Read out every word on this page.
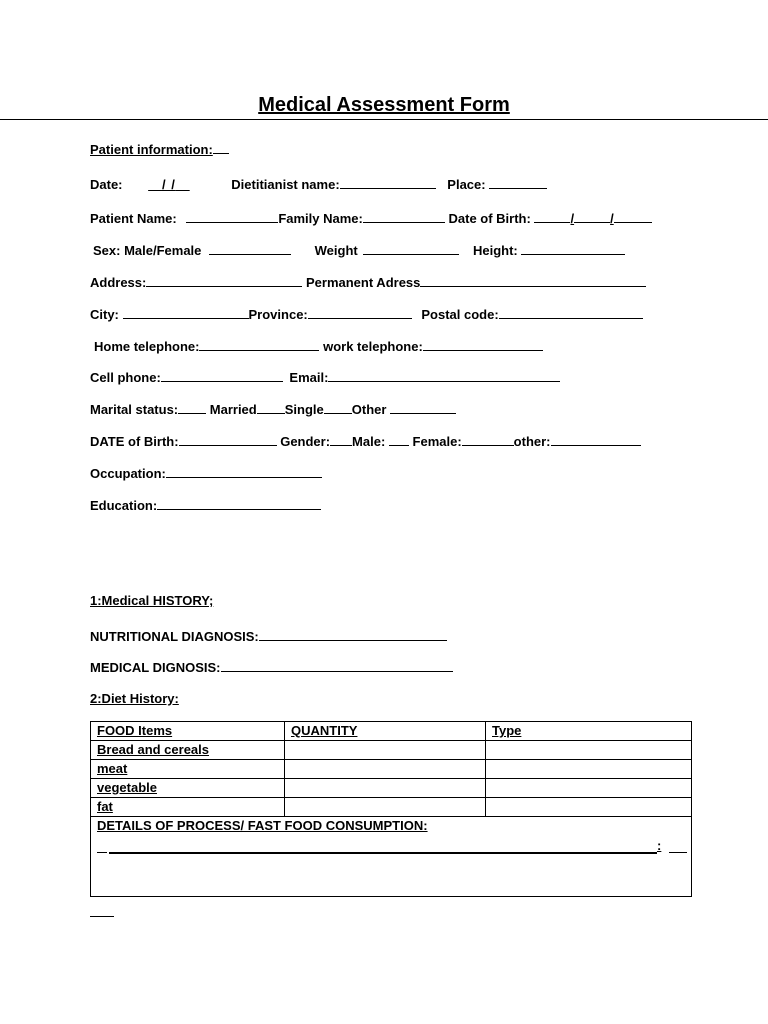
Medical Assessment Form
Patient information:
Date:	/ /	Dietitianist name:	Place:
Patient Name:	Family Name:	Date of Birth:	/	/
Sex: Male/Female	Weight	Height:
Address:	Permanent Adress
City:	Province:	Postal code:
Home telephone:	work telephone:
Cell phone:	Email:
Marital status: Married Single Other
DATE of Birth:	Gender: Male: Female:	other:
Occupation:
Education:
1:Medical HISTORY;
NUTRITIONAL DIAGNOSIS:
MEDICAL DIGNOSIS:
2:Diet History:
FOOD Items	QUANTITY	Type
Bread and cereals		
meat		
vegetable		
fat		

DETAILS OF PROCESS/ FAST FOOD CONSUMPTION:
:		
